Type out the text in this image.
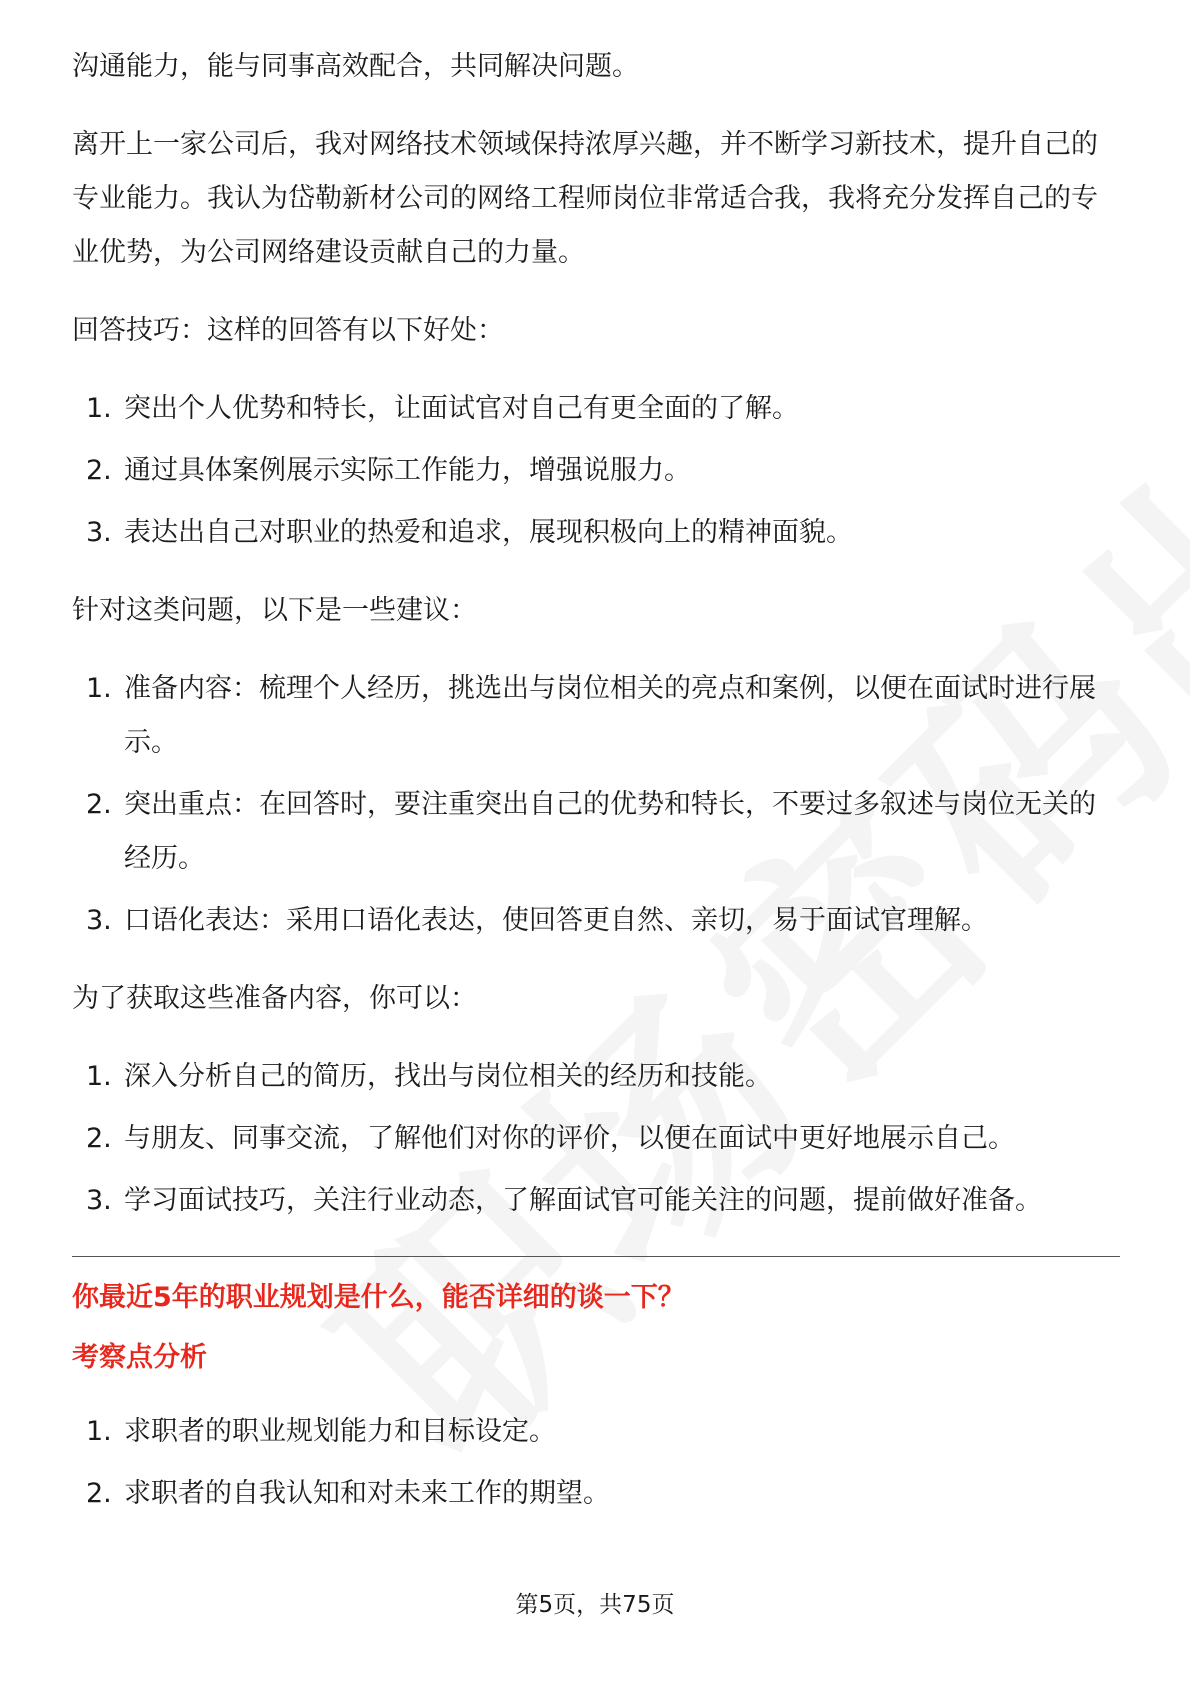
沟通能力，能与同事高效配合，共同解决问题。

离开上一家公司后，我对网络技术领域保持浓厚兴趣，并不断学习新技术，提升自己的专业能力。我认为岱勒新材公司的网络工程师岗位非常适合我，我将充分发挥自己的专业优势，为公司网络建设贡献自己的力量。

回答技巧：这样的回答有以下好处：

1. 突出个人优势和特长，让面试官对自己有更全面的了解。
2. 通过具体案例展示实际工作能力，增强说服力。
3. 表达出自己对职业的热爱和追求，展现积极向上的精神面貌。

针对这类问题，以下是一些建议：

1. 准备内容：梳理个人经历，挑选出与岗位相关的亮点和案例，以便在面试时进行展示。
2. 突出重点：在回答时，要注重突出自己的优势和特长，不要过多叙述与岗位无关的经历。
3. 口语化表达：采用口语化表达，使回答更自然、亲切，易于面试官理解。

为了获取这些准备内容，你可以：

1. 深入分析自己的简历，找出与岗位相关的经历和技能。
2. 与朋友、同事交流，了解他们对你的评价，以便在面试中更好地展示自己。
3. 学习面试技巧，关注行业动态，了解面试官可能关注的问题，提前做好准备。
你最近5年的职业规划是什么，能否详细的谈一下？
考察点分析
1. 求职者的职业规划能力和目标设定。
2. 求职者的自我认知和对未来工作的期望。
第5页，共75页
